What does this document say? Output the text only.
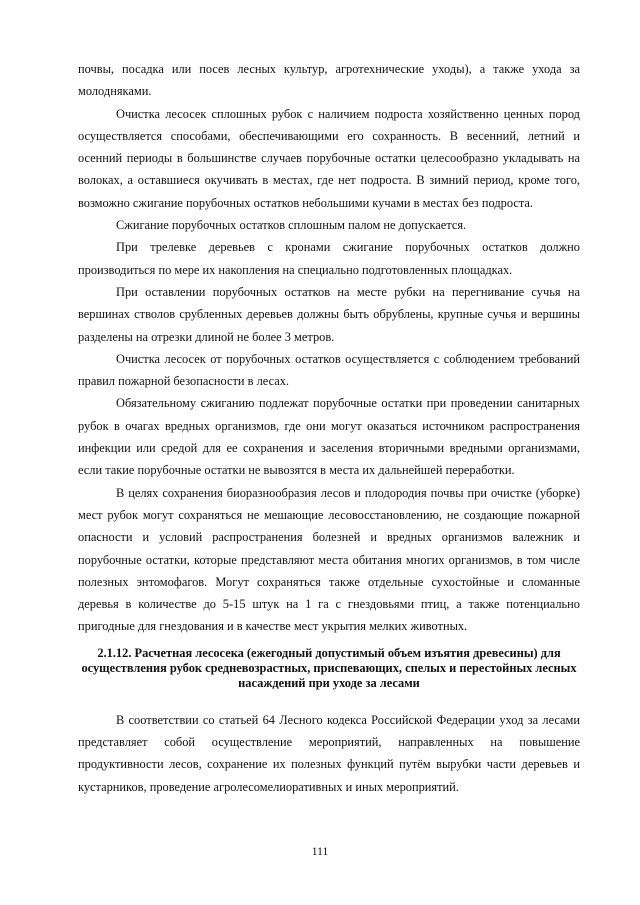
почвы, посадка или посев лесных культур, агротехнические уходы), а также ухода за молодняками.

Очистка лесосек сплошных рубок с наличием подроста хозяйственно ценных пород осуществляется способами, обеспечивающими его сохранность. В весенний, летний и осенний периоды в большинстве случаев порубочные остатки целесообразно укладывать на волоках, а оставшиеся окучивать в местах, где нет подроста. В зимний период, кроме того, возможно сжигание порубочных остатков небольшими кучами в местах без подроста.

Сжигание порубочных остатков сплошным палом не допускается.

При трелевке деревьев с кронами сжигание порубочных остатков должно производиться по мере их накопления на специально подготовленных площадках.

При оставлении порубочных остатков на месте рубки на перегнивание сучья на вершинах стволов срубленных деревьев должны быть обрублены, крупные сучья и вершины разделены на отрезки длиной не более 3 метров.

Очистка лесосек от порубочных остатков осуществляется с соблюдением требований правил пожарной безопасности в лесах.

Обязательному сжиганию подлежат порубочные остатки при проведении санитарных рубок в очагах вредных организмов, где они могут оказаться источником распространения инфекции или средой для ее сохранения и заселения вторичными вредными организмами, если такие порубочные остатки не вывозятся в места их дальнейшей переработки.

В целях сохранения биоразнообразия лесов и плодородия почвы при очистке (уборке) мест рубок могут сохраняться не мешающие лесовосстановлению, не создающие пожарной опасности и условий распространения болезней и вредных организмов валежник и порубочные остатки, которые представляют места обитания многих организмов, в том числе полезных энтомофагов. Могут сохраняться также отдельные сухостойные и сломанные деревья в количестве до 5-15 штук на 1 га с гнездовьями птиц, а также потенциально пригодные для гнездования и в качестве мест укрытия мелких животных.

2.1.12. Расчетная лесосека (ежегодный допустимый объем изъятия древесины) для осуществления рубок средневозрастных, приспевающих, спелых и перестойных лесных насаждений при уходе за лесами

В соответствии со статьей 64 Лесного кодекса Российской Федерации уход за лесами представляет собой осуществление мероприятий, направленных на повышение продуктивности лесов, сохранение их полезных функций путём вырубки части деревьев и кустарников, проведение агролесомелиоративных и иных мероприятий.

111
